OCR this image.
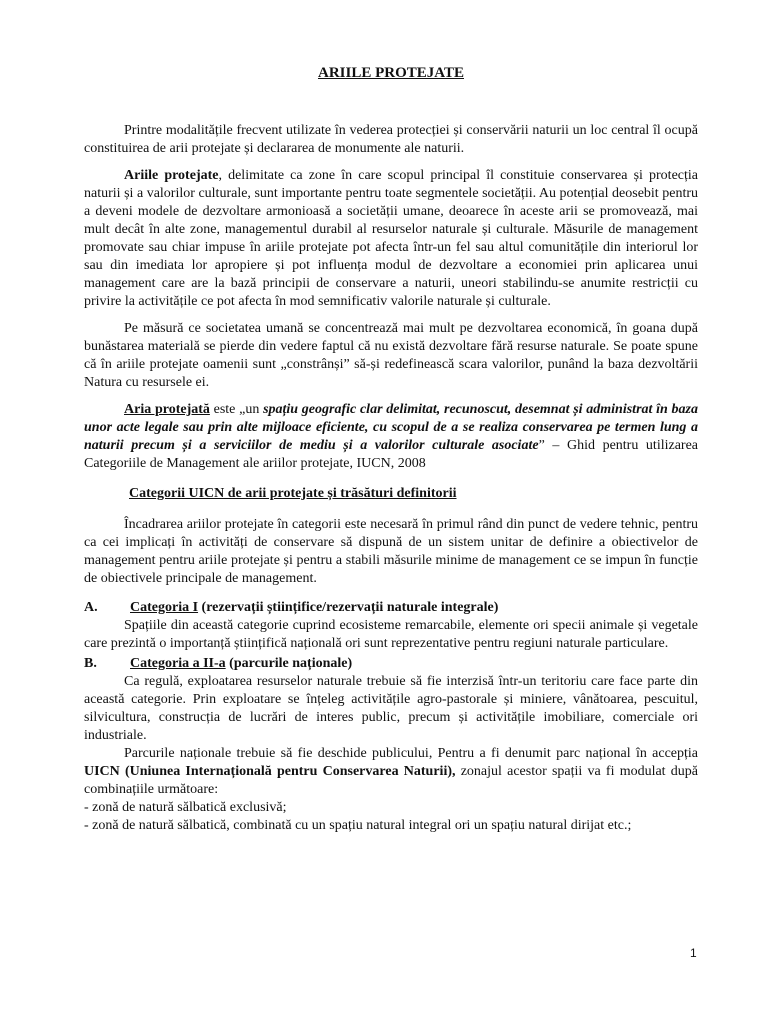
ARIILE PROTEJATE

Printre modalitățile frecvent utilizate în vederea protecției și conservării naturii un loc central îl ocupă constituirea de arii protejate și declararea de monumente ale naturii.

Ariile protejate, delimitate ca zone în care scopul principal îl constituie conservarea și protecția naturii și a valorilor culturale, sunt importante pentru toate segmentele societății. Au potențial deosebit pentru a deveni modele de dezvoltare armonioasă a societății umane, deoarece în aceste arii se promovează, mai mult decât în alte zone, managementul durabil al resurselor naturale și culturale. Măsurile de management promovate sau chiar impuse în ariile protejate pot afecta într-un fel sau altul comunitățile din interiorul lor sau din imediata lor apropiere și pot influența modul de dezvoltare a economiei prin aplicarea unui management care are la bază principii de conservare a naturii, uneori stabilindu-se anumite restricții cu privire la activitățile ce pot afecta în mod semnificativ valorile naturale și culturale.

Pe măsură ce societatea umană se concentrează mai mult pe dezvoltarea economică, în goana după bunăstarea materială se pierde din vedere faptul că nu există dezvoltare fără resurse naturale. Se poate spune că în ariile protejate oamenii sunt „constrânși” să-și redefinească scara valorilor, punând la baza dezvoltării Natura cu resursele ei.

Aria protejată este „un spațiu geografic clar delimitat, recunoscut, desemnat și administrat în baza unor acte legale sau prin alte mijloace eficiente, cu scopul de a se realiza conservarea pe termen lung a naturii precum și a serviciilor de mediu și a valorilor culturale asociate” – Ghid pentru utilizarea Categoriile de Management ale ariilor protejate, IUCN, 2008

Categorii UICN de arii protejate și trăsături definitorii

Încadrarea ariilor protejate în categorii este necesară în primul rând din punct de vedere tehnic, pentru ca cei implicați în activități de conservare să dispună de un sistem unitar de definire a obiectivelor de management pentru ariile protejate și pentru a stabili măsurile minime de management ce se impun în funcție de obiectivele principale de management.

A.	Categoria I (rezervații științifice/rezervații naturale integrale)

Spațiile din această categorie cuprind ecosisteme remarcabile, elemente ori specii animale și vegetale care prezintă o importanță științifică națională ori sunt reprezentative pentru regiuni naturale particulare.

B.	Categoria a II-a (parcurile naționale)

Ca regulă, exploatarea resurselor naturale trebuie să fie interzisă într-un teritoriu care face parte din această categorie. Prin exploatare se înțeleg activitățile agro-pastorale și miniere, vânătoarea, pescuitul, silvicultura, construcția de lucrări de interes public, precum și activitățile imobiliare, comerciale ori industriale.

Parcurile naționale trebuie să fie deschide publicului, Pentru a fi denumit parc național în accepția UICN (Uniunea Internațională pentru Conservarea Naturii), zonajul acestor spații va fi modulat după combinațiile următoare:

- zonă de natură sălbatică exclusivă;
- zonă de natură sălbatică, combinată cu un spațiu natural integral ori un spațiu natural dirijat etc.;
1
